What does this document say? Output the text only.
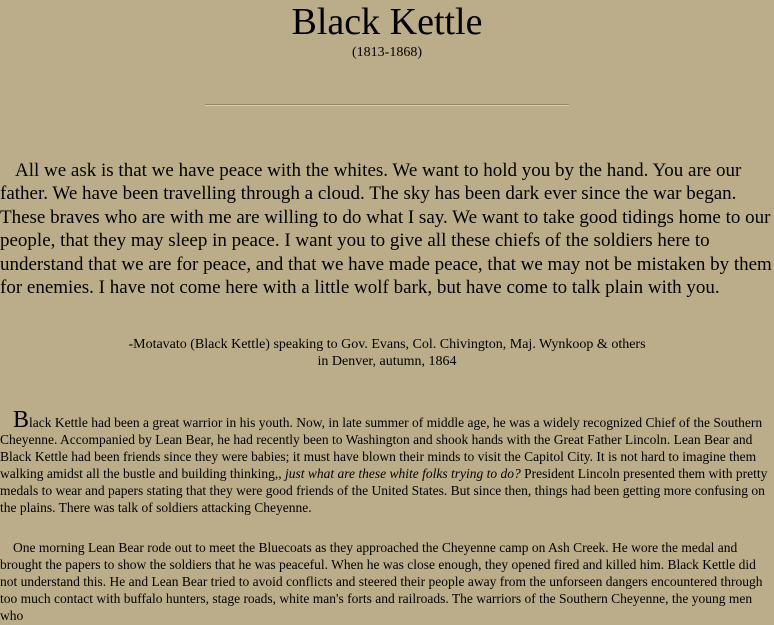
Black Kettle
(1813-1868)

All we ask is that we have peace with the whites. We want to hold you by the hand. You are our father. We have been travelling through a cloud. The sky has been dark ever since the war began. These braves who are with me are willing to do what I say. We want to take good tidings home to our people, that they may sleep in peace. I want you to give all these chiefs of the soldiers here to understand that we are for peace, and that we have made peace, that we may not be mistaken by them for enemies. I have not come here with a little wolf bark, but have come to talk plain with you.

-Motavato (Black Kettle) speaking to Gov. Evans, Col. Chivington, Maj. Wynkoop & others
in Denver, autumn, 1864

Black Kettle had been a great warrior in his youth. Now, in late summer of middle age, he was a widely recognized Chief of the Southern Cheyenne. Accompanied by Lean Bear, he had recently been to Washington and shook hands with the Great Father Lincoln. Lean Bear and Black Kettle had been friends since they were babies; it must have blown their minds to visit the Capitol City. It is not hard to imagine them walking amidst all the bustle and building thinking,, just what are these white folks trying to do? President Lincoln presented them with pretty medals to wear and papers stating that they were good friends of the United States. But since then, things had been getting more confusing on the plains. There was talk of soldiers attacking Cheyenne.

One morning Lean Bear rode out to meet the Bluecoats as they approached the Cheyenne camp on Ash Creek. He wore the medal and brought the papers to show the soldiers that he was peaceful. When he was close enough, they opened fired and killed him. Black Kettle did not understand this. He and Lean Bear tried to avoid conflicts and steered their people away from the unforseen dangers encountered through too much contact with buffalo hunters, stage roads, white man's forts and railroads. The warriors of the Southern Cheyenne, the young men who
